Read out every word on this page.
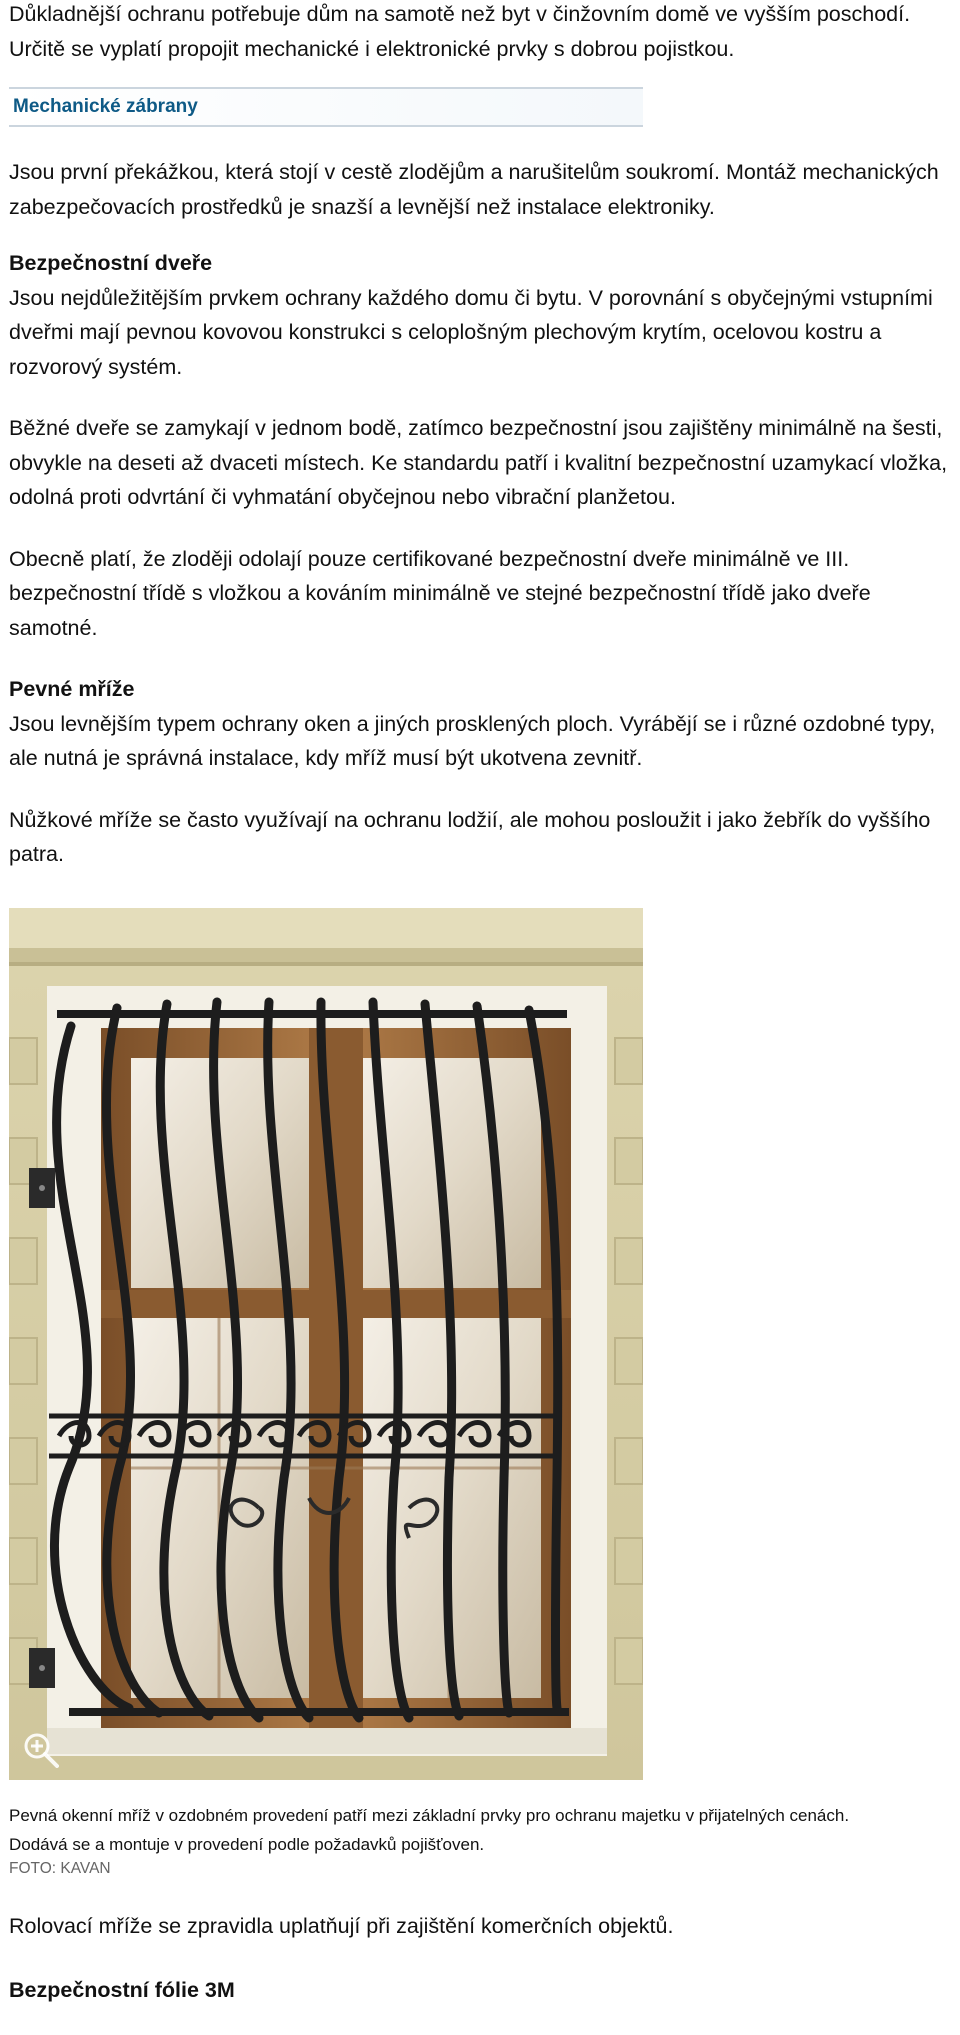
Důkladnější ochranu potřebuje dům na samotě než byt v činžovním domě ve vyšším poschodí. Určitě se vyplatí propojit mechanické i elektronické prvky s dobrou pojistkou.

Mechanické zábrany

Jsou první překážkou, která stojí v cestě zlodějům a narušitelům soukromí. Montáž mechanických zabezpečovacích prostředků je snazší a levnější než instalace elektroniky.

Bezpečnostní dveře

Jsou nejdůležitějším prvkem ochrany každého domu či bytu. V porovnání s obyčejnými vstupními dveřmi mají pevnou kovovou konstrukci s celoplošným plechovým krytím, ocelovou kostru a rozvorový systém.

Běžné dveře se zamykají v jednom bodě, zatímco bezpečnostní jsou zajištěny minimálně na šesti, obvykle na deseti až dvaceti místech. Ke standardu patří i kvalitní bezpečnostní uzamykací vložka, odolná proti odvrtání či vyhmatání obyčejnou nebo vibrační planžetou.

Obecně platí, že zloději odolají pouze certifikované bezpečnostní dveře minimálně ve III. bezpečnostní třídě s vložkou a kováním minimálně ve stejné bezpečnostní třídě jako dveře samotné.

Pevné mříže

Jsou levnějším typem ochrany oken a jiných prosklených ploch. Vyrábějí se i různé ozdobné typy, ale nutná je správná instalace, kdy mříž musí být ukotvena zevnitř.

Nůžkové mříže se často využívají na ochranu lodžií, ale mohou posloužit i jako žebřík do vyššího patra.

Pevná okenní mříž v ozdobném provedení patří mezi základní prvky pro ochranu majetku v přijatelných cenách. Dodává se a montuje v provedení podle požadavků pojišťoven.

FOTO: KAVAN

Rolovací mříže se zpravidla uplatňují při zajištění komerčních objektů.

Bezpečnostní fólie 3M
